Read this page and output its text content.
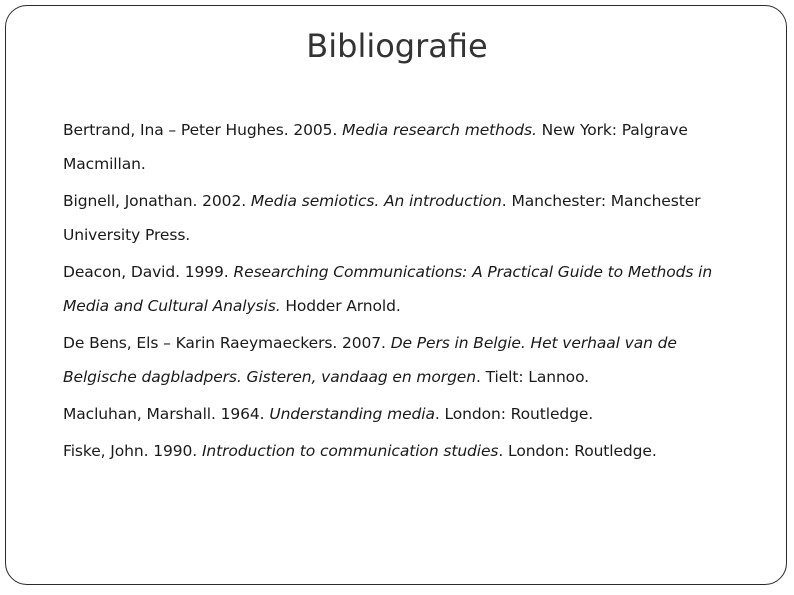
Bibliografie
Bertrand, Ina – Peter Hughes. 2005. Media research methods. New York: Palgrave Macmillan.
Bignell, Jonathan. 2002. Media semiotics. An introduction. Manchester: Manchester University Press.
Deacon, David. 1999. Researching Communications: A Practical Guide to Methods in Media and Cultural Analysis. Hodder Arnold.
De Bens, Els – Karin Raeymaeckers. 2007. De Pers in Belgie. Het verhaal van de Belgische dagbladpers. Gisteren, vandaag en morgen. Tielt: Lannoo.
Macluhan, Marshall. 1964. Understanding media. London: Routledge.
Fiske, John. 1990. Introduction to communication studies. London: Routledge.
